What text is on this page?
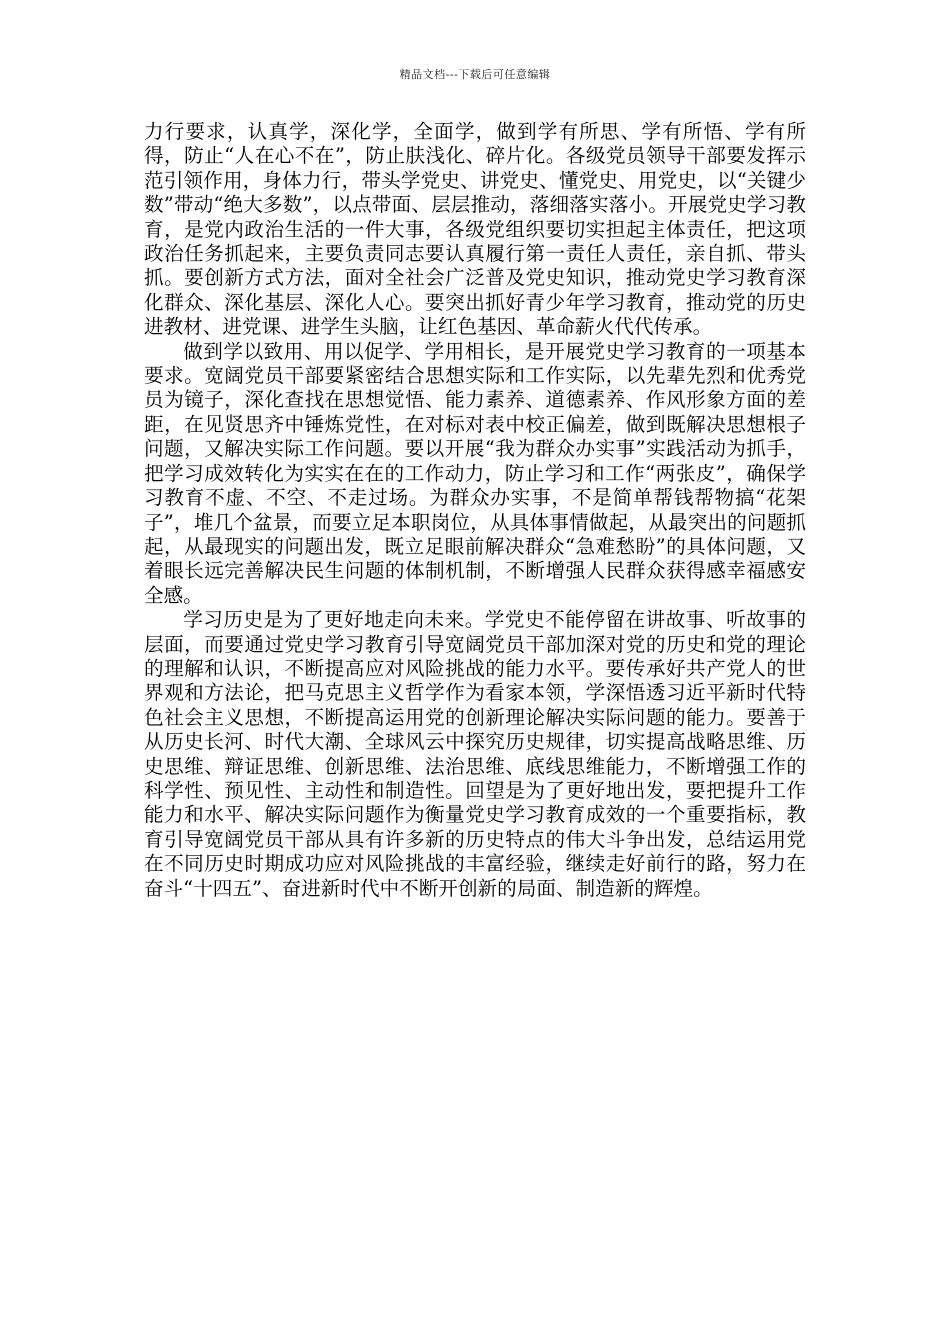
精品文档---下载后可任意编辑

力行要求，认真学，深化学，全面学，做到学有所思、学有所悟、学有所得，防止“人在心不在”，防止肤浅化、碎片化。各级党员领导干部要发挥示范引领作用，身体力行，带头学党史、讲党史、懂党史、用党史，以“关键少数”带动“绝大多数”，以点带面、层层推动，落细落实落小。开展党史学习教育，是党内政治生活的一件大事，各级党组织要切实担起主体责任，把这项政治任务抓起来，主要负责同志要认真履行第一责任人责任，亲自抓、带头抓。要创新方式方法，面对全社会广泛普及党史知识，推动党史学习教育深化群众、深化基层、深化人心。要突出抓好青少年学习教育，推动党的历史进教材、进党课、进学生头脑，让红色基因、革命薪火代代传承。

做到学以致用、用以促学、学用相长，是开展党史学习教育的一项基本要求。宽阔党员干部要紧密结合思想实际和工作实际，以先辈先烈和优秀党员为镜子，深化查找在思想觉悟、能力素养、道德素养、作风形象方面的差距，在见贤思齐中锤炼党性，在对标对表中校正偏差，做到既解决思想根子问题，又解决实际工作问题。要以开展“我为群众办实事”实践活动为抓手，把学习成效转化为实实在在的工作动力，防止学习和工作“两张皮”，确保学习教育不虚、不空、不走过场。为群众办实事，不是简单帮钱帮物搞“花架子”，堆几个盆景，而要立足本职岗位，从具体事情做起，从最突出的问题抓起，从最现实的问题出发，既立足眼前解决群众“急难愁盼”的具体问题，又着眼长远完善解决民生问题的体制机制，不断增强人民群众获得感幸福感安全感。

学习历史是为了更好地走向未来。学党史不能停留在讲故事、听故事的层面，而要通过党史学习教育引导宽阔党员干部加深对党的历史和党的理论的理解和认识，不断提高应对风险挑战的能力水平。要传承好共产党人的世界观和方法论，把马克思主义哲学作为看家本领，学深悟透习近平新时代特色社会主义思想，不断提高运用党的创新理论解决实际问题的能力。要善于从历史长河、时代大潮、全球风云中探究历史规律，切实提高战略思维、历史思维、辩证思维、创新思维、法治思维、底线思维能力，不断增强工作的科学性、预见性、主动性和制造性。回望是为了更好地出发，要把提升工作能力和水平、解决实际问题作为衡量党史学习教育成效的一个重要指标，教育引导宽阔党员干部从具有许多新的历史特点的伟大斗争出发，总结运用党在不同历史时期成功应对风险挑战的丰富经验，继续走好前行的路，努力在奋斗“十四五”、奋进新时代中不断开创新的局面、制造新的辉煌。
